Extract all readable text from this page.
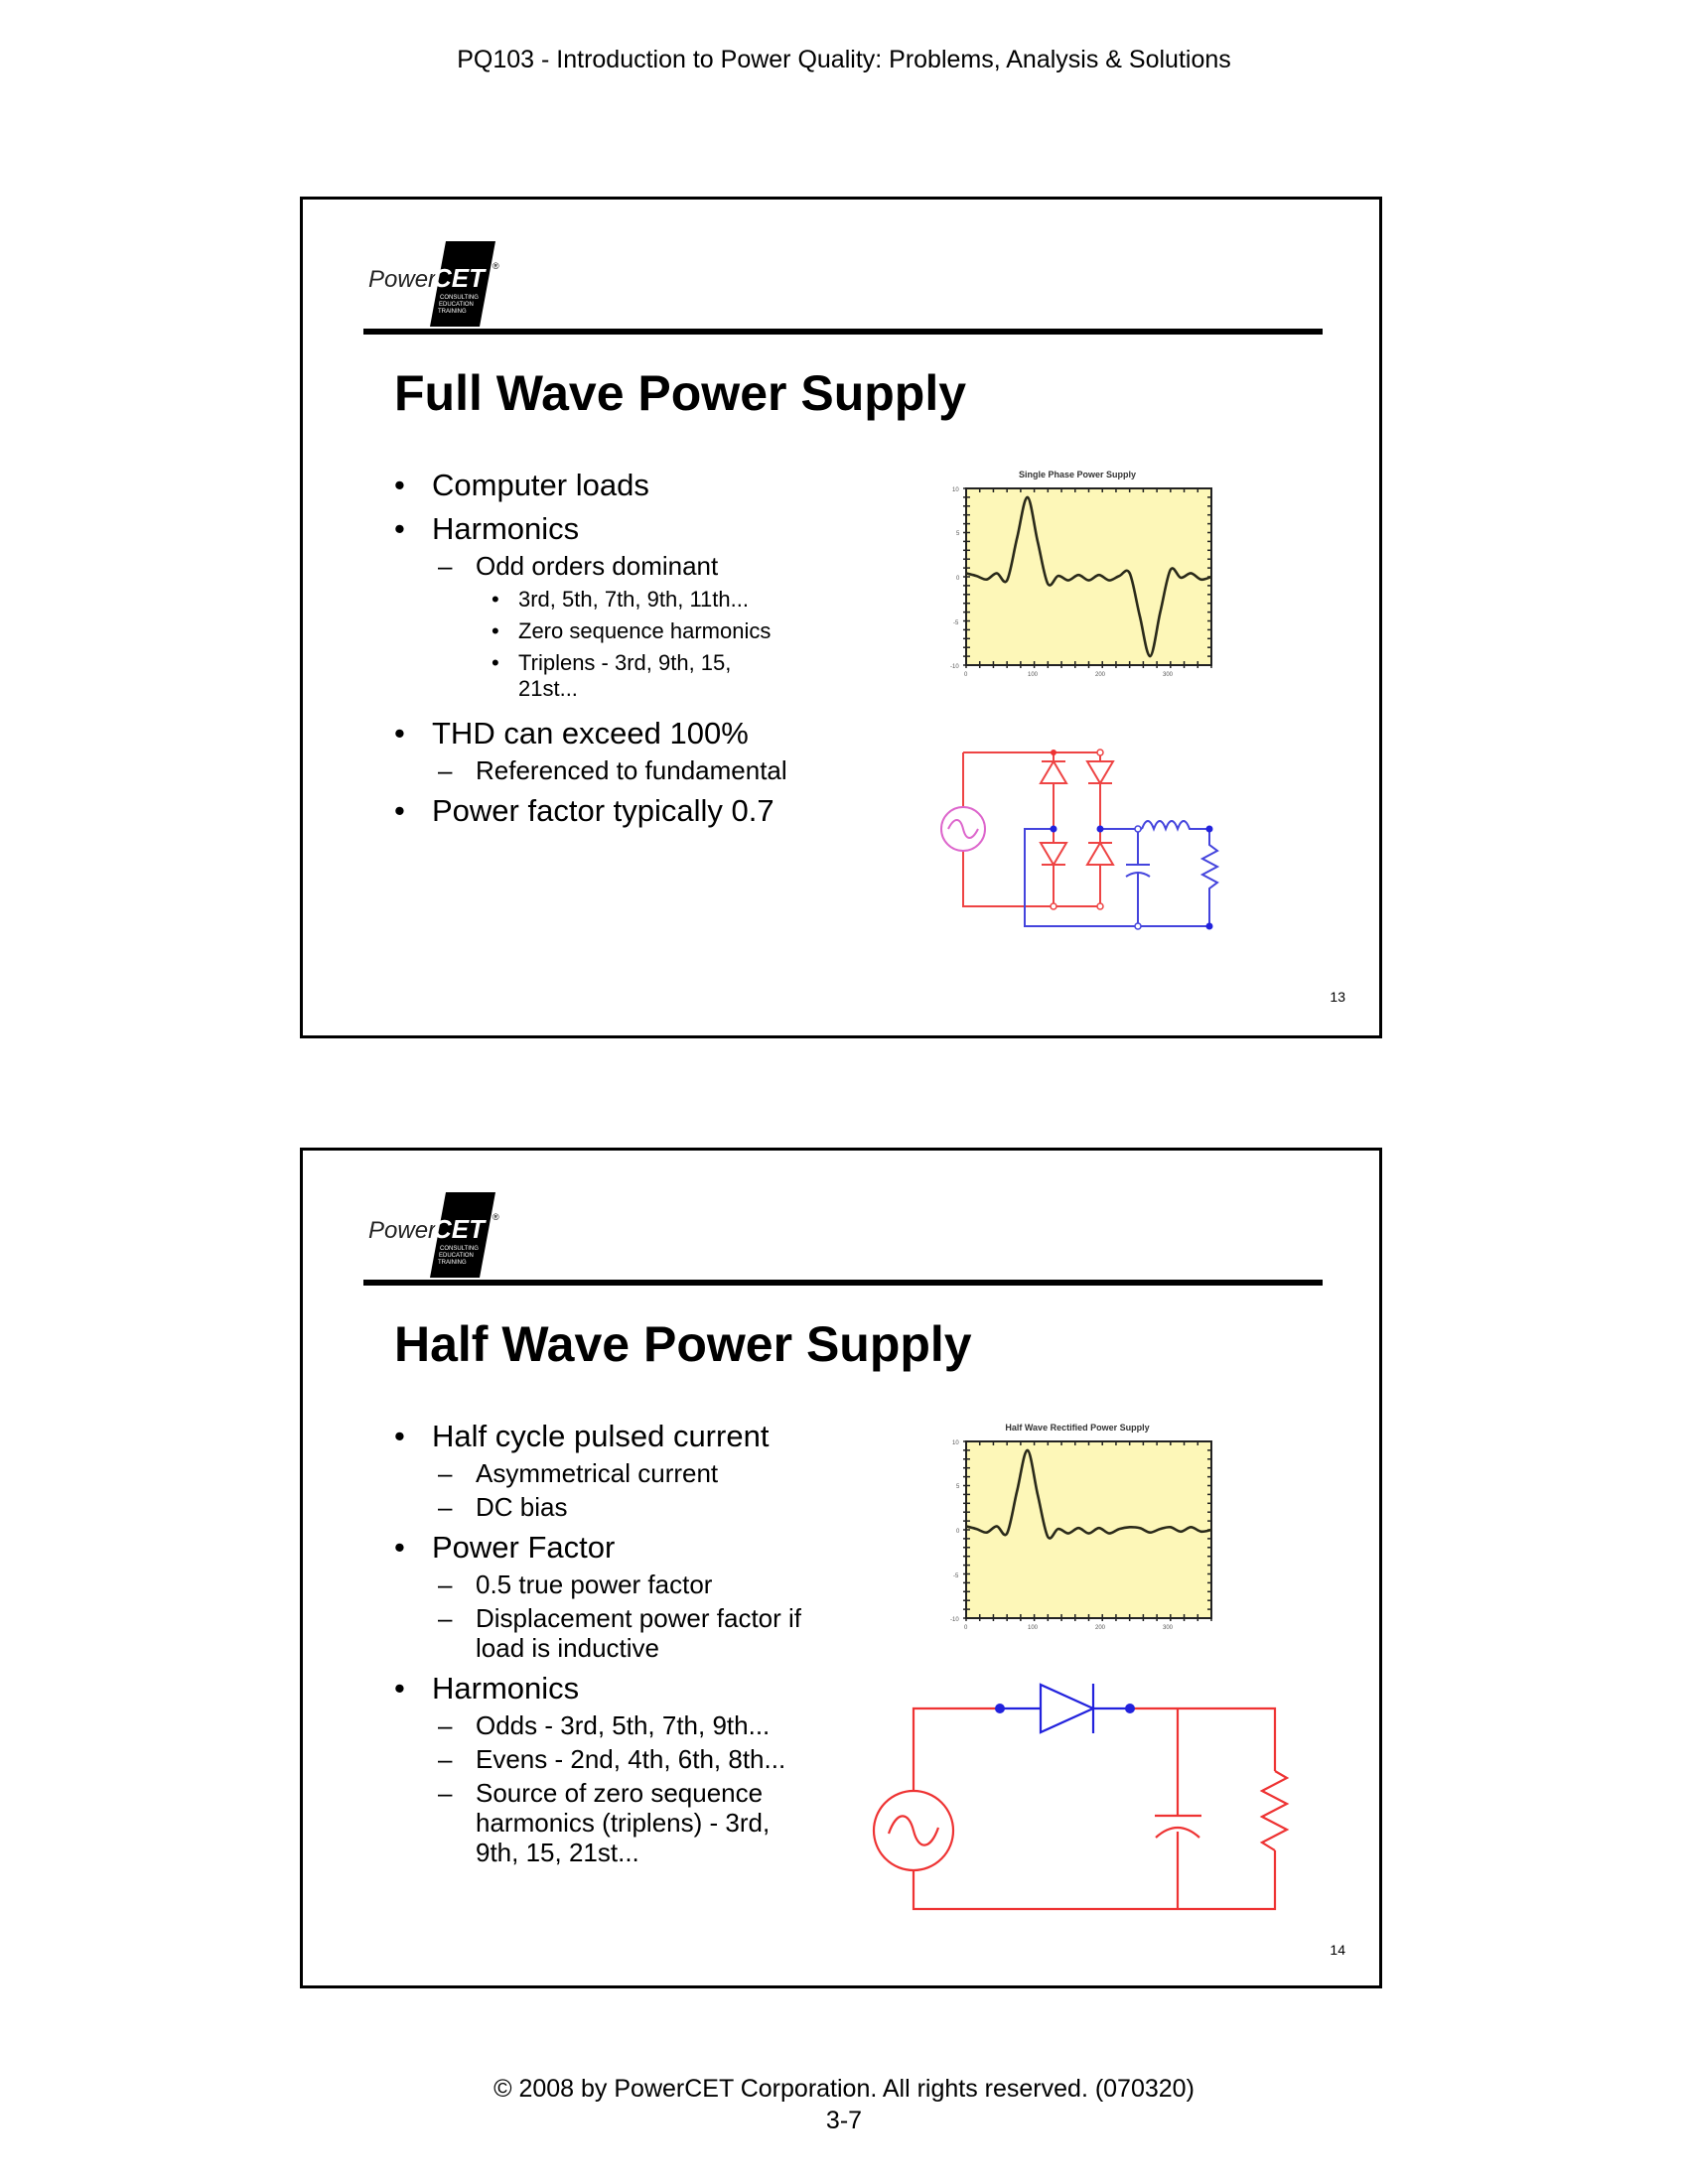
PQ103 - Introduction to Power Quality: Problems, Analysis & Solutions
Power
CET ®
CONSULTING
EDUCATION
TRAINING
Full Wave Power Supply
• Computer loads
• Harmonics
– Odd orders dominant
• 3rd, 5th, 7th, 9th, 11th...
• Zero sequence harmonics
• Triplens - 3rd, 9th, 15, 21st...
• THD can exceed 100%
– Referenced to fundamental
• Power factor typically 0.7
Single Phase Power Supply
10
5
0
-5
-10
0	100	200	300
13
Power
CET ®
CONSULTING
EDUCATION
TRAINING
Half Wave Power Supply
• Half cycle pulsed current
– Asymmetrical current
– DC bias
• Power Factor
– 0.5 true power factor
– Displacement power factor if load is inductive
• Harmonics
– Odds - 3rd, 5th, 7th, 9th...
– Evens - 2nd, 4th, 6th, 8th...
– Source of zero sequence harmonics (triplens) - 3rd, 9th, 15, 21st...
Half Wave Rectified Power Supply
10
5
0
-5
-10
0	100	200	300
14
© 2008 by PowerCET Corporation. All rights reserved. (070320)
3-7
